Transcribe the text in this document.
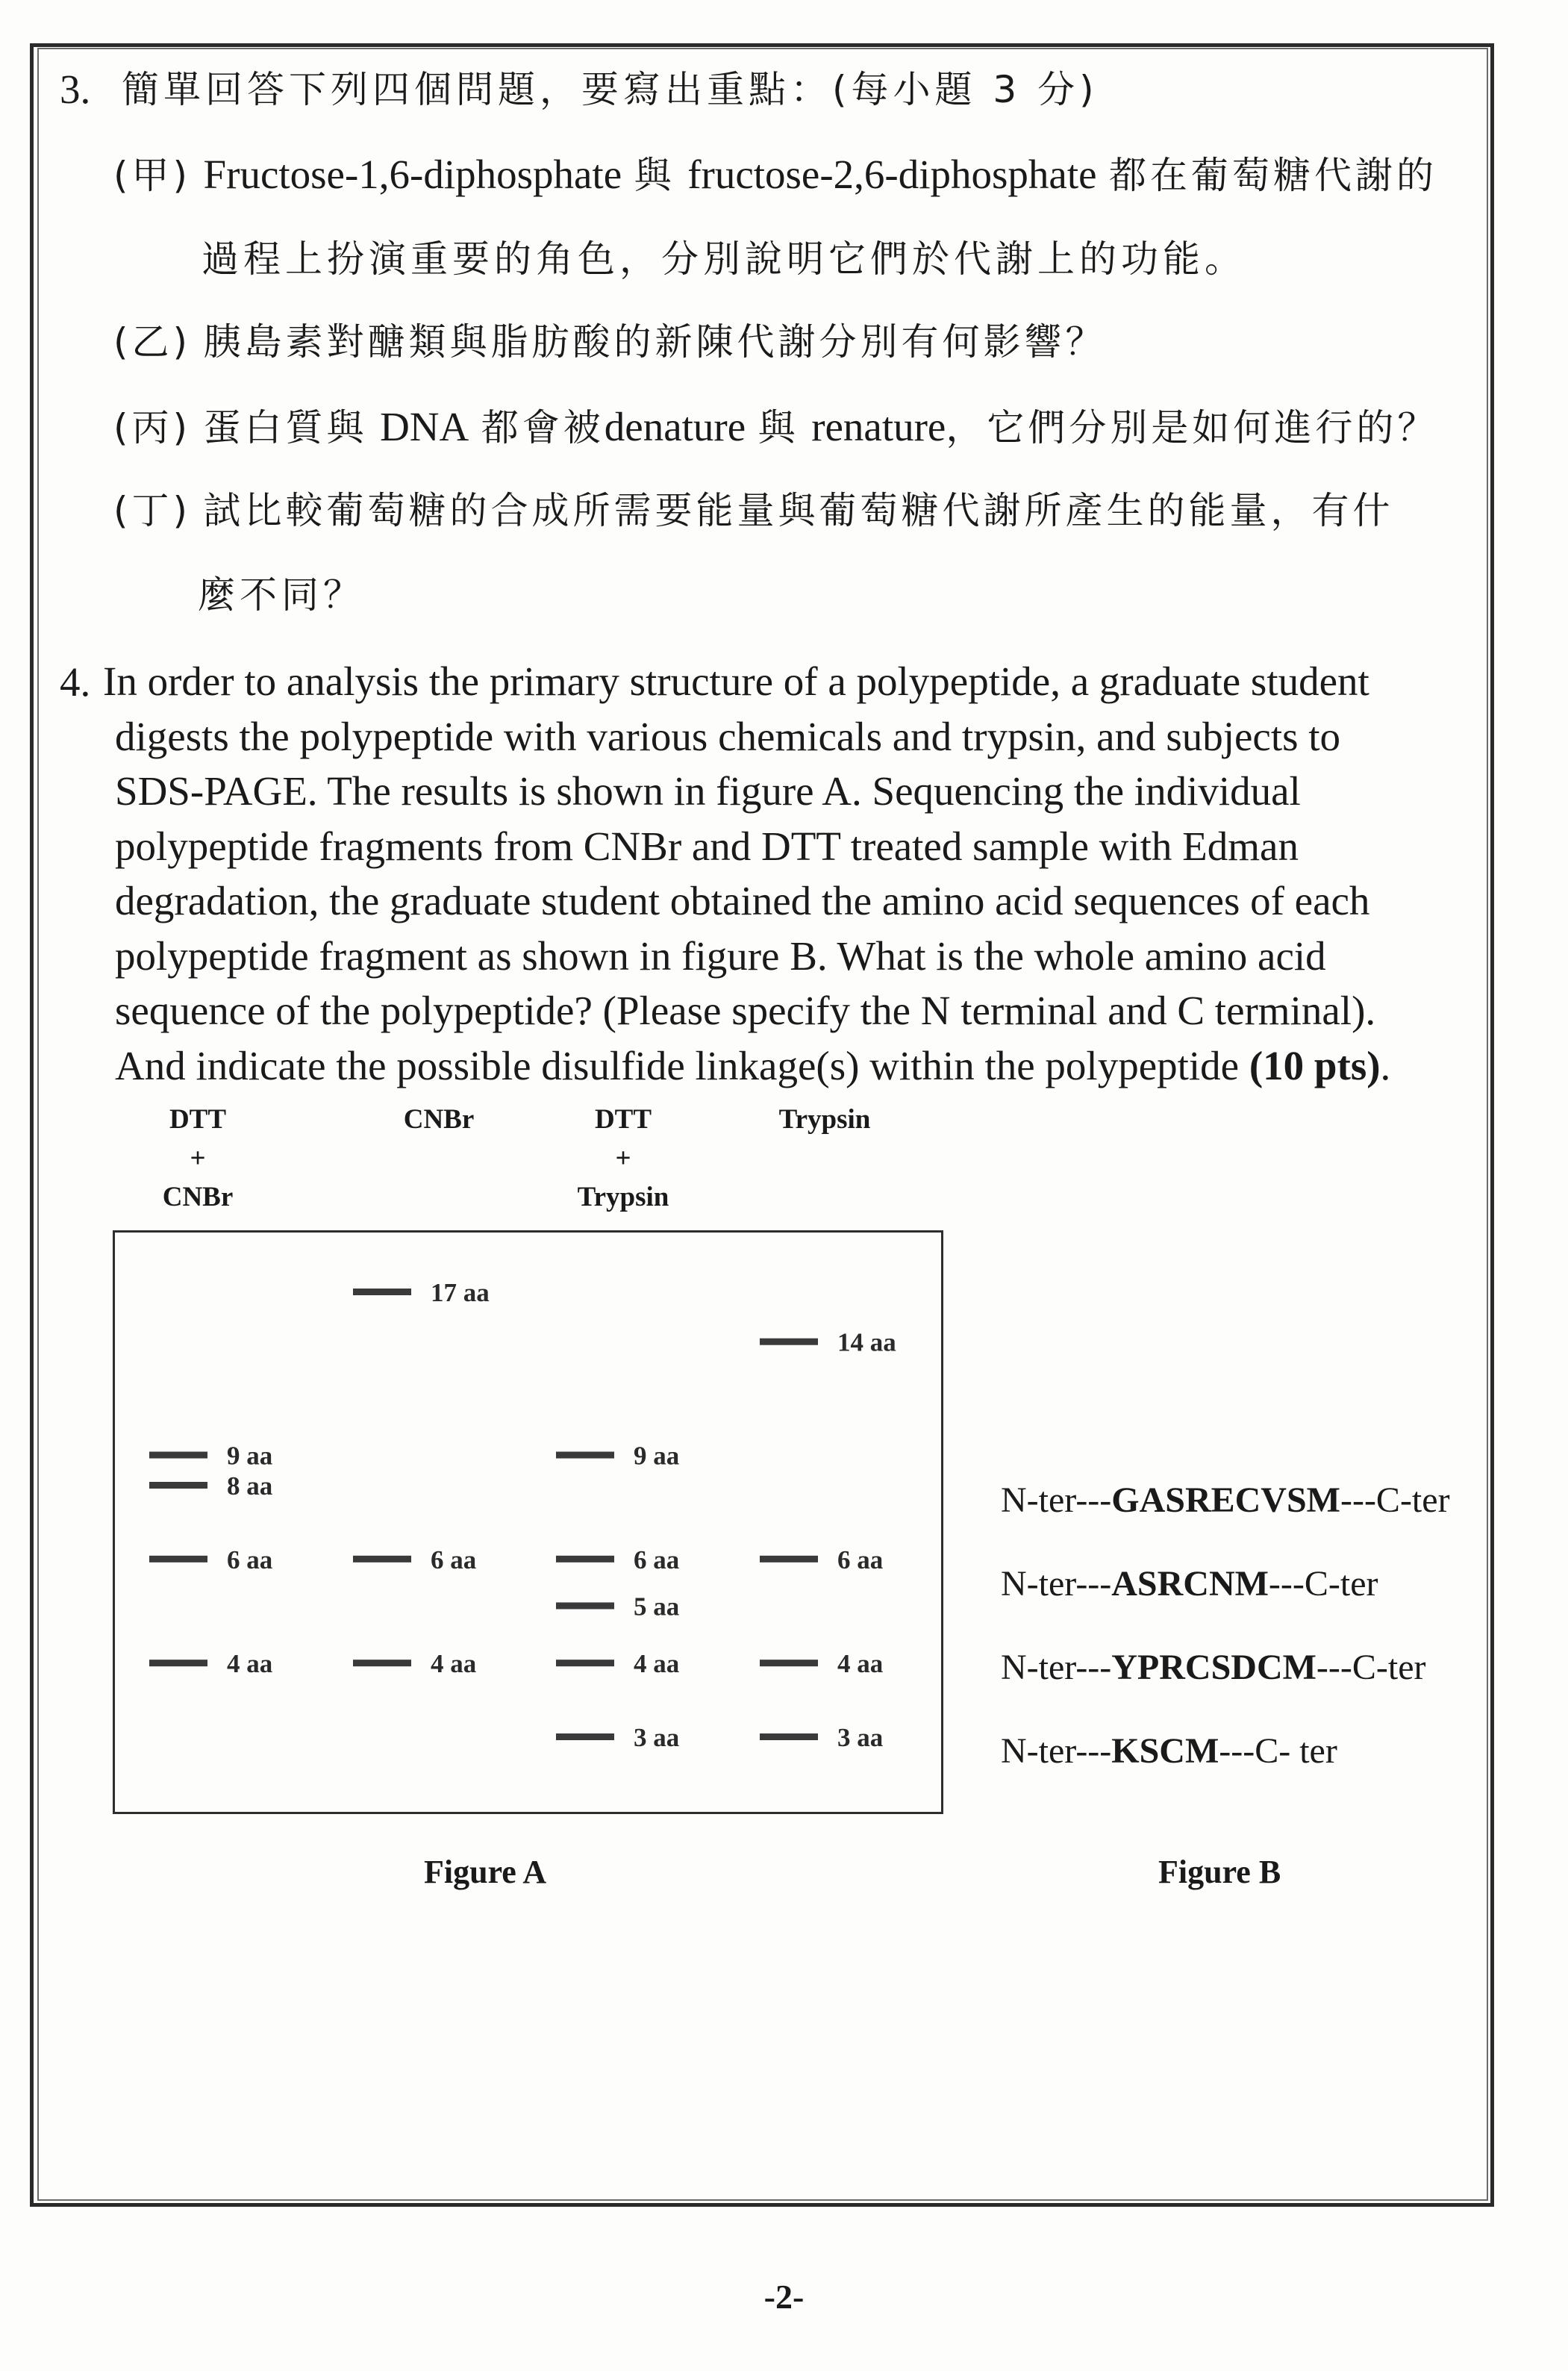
3. 簡單回答下列四個問題，要寫出重點：(每小題 3 分)
(甲) Fructose-1,6-diphosphate 與 fructose-2,6-diphosphate 都在葡萄糖代謝的
過程上扮演重要的角色，分別說明它們於代謝上的功能。
(乙) 胰島素對醣類與脂肪酸的新陳代謝分別有何影響？
(丙) 蛋白質與 DNA 都會被denature 與 renature，它們分別是如何進行的？
(丁) 試比較葡萄糖的合成所需要能量與葡萄糖代謝所產生的能量，有什
麼不同？
4. In order to analysis the primary structure of a polypeptide, a graduate student
digests the polypeptide with various chemicals and trypsin, and subjects to
SDS-PAGE. The results is shown in figure A. Sequencing the individual
polypeptide fragments from CNBr and DTT treated sample with Edman
degradation, the graduate student obtained the amino acid sequences of each
polypeptide fragment as shown in figure B. What is the whole amino acid
sequence of the polypeptide? (Please specify the N terminal and C terminal).
And indicate the possible disulfide linkage(s) within the polypeptide (10 pts).
DTT
+
CNBr
CNBr	DTT
+
Trypsin
Trypsin
9 aa
8 aa
6 aa
4 aa
17 aa
6 aa
4 aa
9 aa
6 aa
5 aa
4 aa
3 aa
14 aa
6 aa
4 aa
3 aa
Figure A
N-ter---GASRECVSM---C-ter
N-ter---ASRCNM---C-ter
N-ter---YPRCSDCM---C-ter
N-ter---KSCM---C- ter
Figure B
-2-
